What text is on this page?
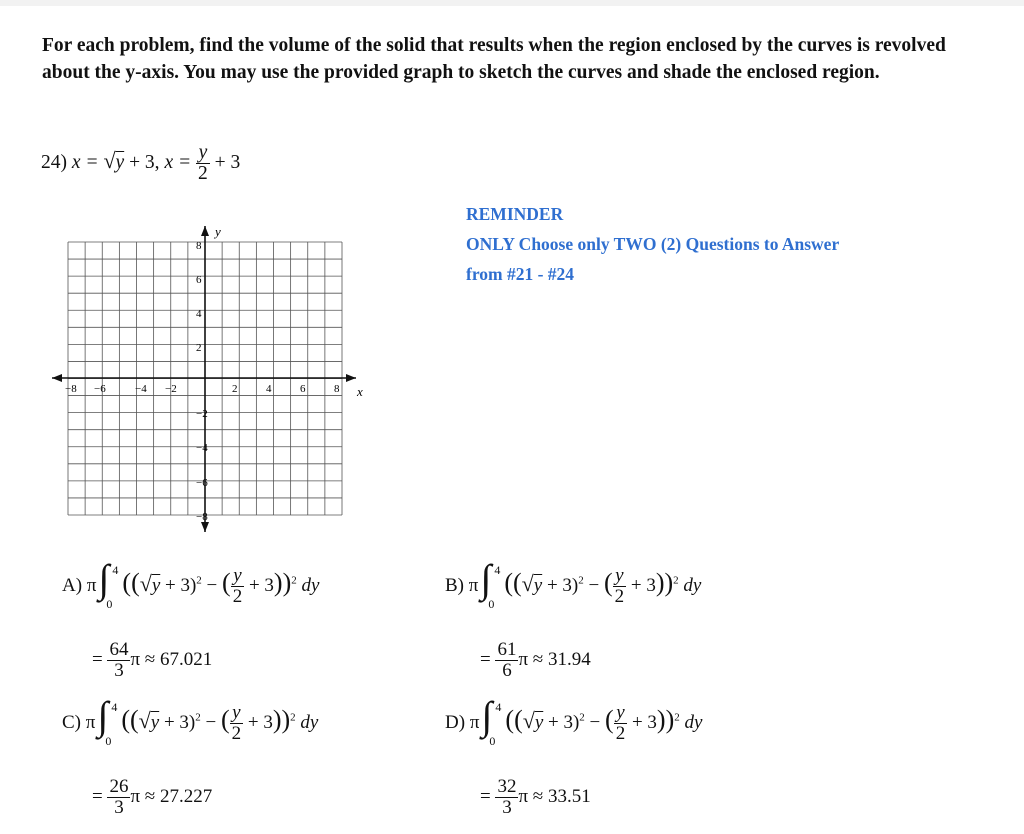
For each problem, find the volume of the solid that results when the region enclosed by the curves is revolved about the y-axis. You may use the provided graph to sketch the curves and shade the enclosed region.
24) x = √y + 3, $x = \frac{y}{2} + 3$
REMINDER
ONLY Choose only TWO (2) Questions to Answer
from #21 - #24
−8 −6	−4 −2	2	4	6	8
8
6
4
2
−2
−4
−6
−8
x
y
A) π ∫ 4
0
($(√y + 3)^2$ − ( $\frac{y}{2} + 3))^2$ dy
= $\frac{64}{3}$ π ≈ 67.021
B) π ∫ 4
0
($(√y + 3)^2$ − ( $\frac{y}{2} + 3))^2$ dy
= $\frac{61}{6}$ π ≈ 31.94
C) π ∫ 4
0
($(√y + 3)^2$ − ( $\frac{y}{2} + 3))^2$ dy
= $\frac{26}{3}$ π ≈ 27.227
D) π ∫ 4
0
($(√y + 3)^2$ − ( $\frac{y}{2} + 3))^2$ dy
= $\frac{32}{3}$ π ≈ 33.51
